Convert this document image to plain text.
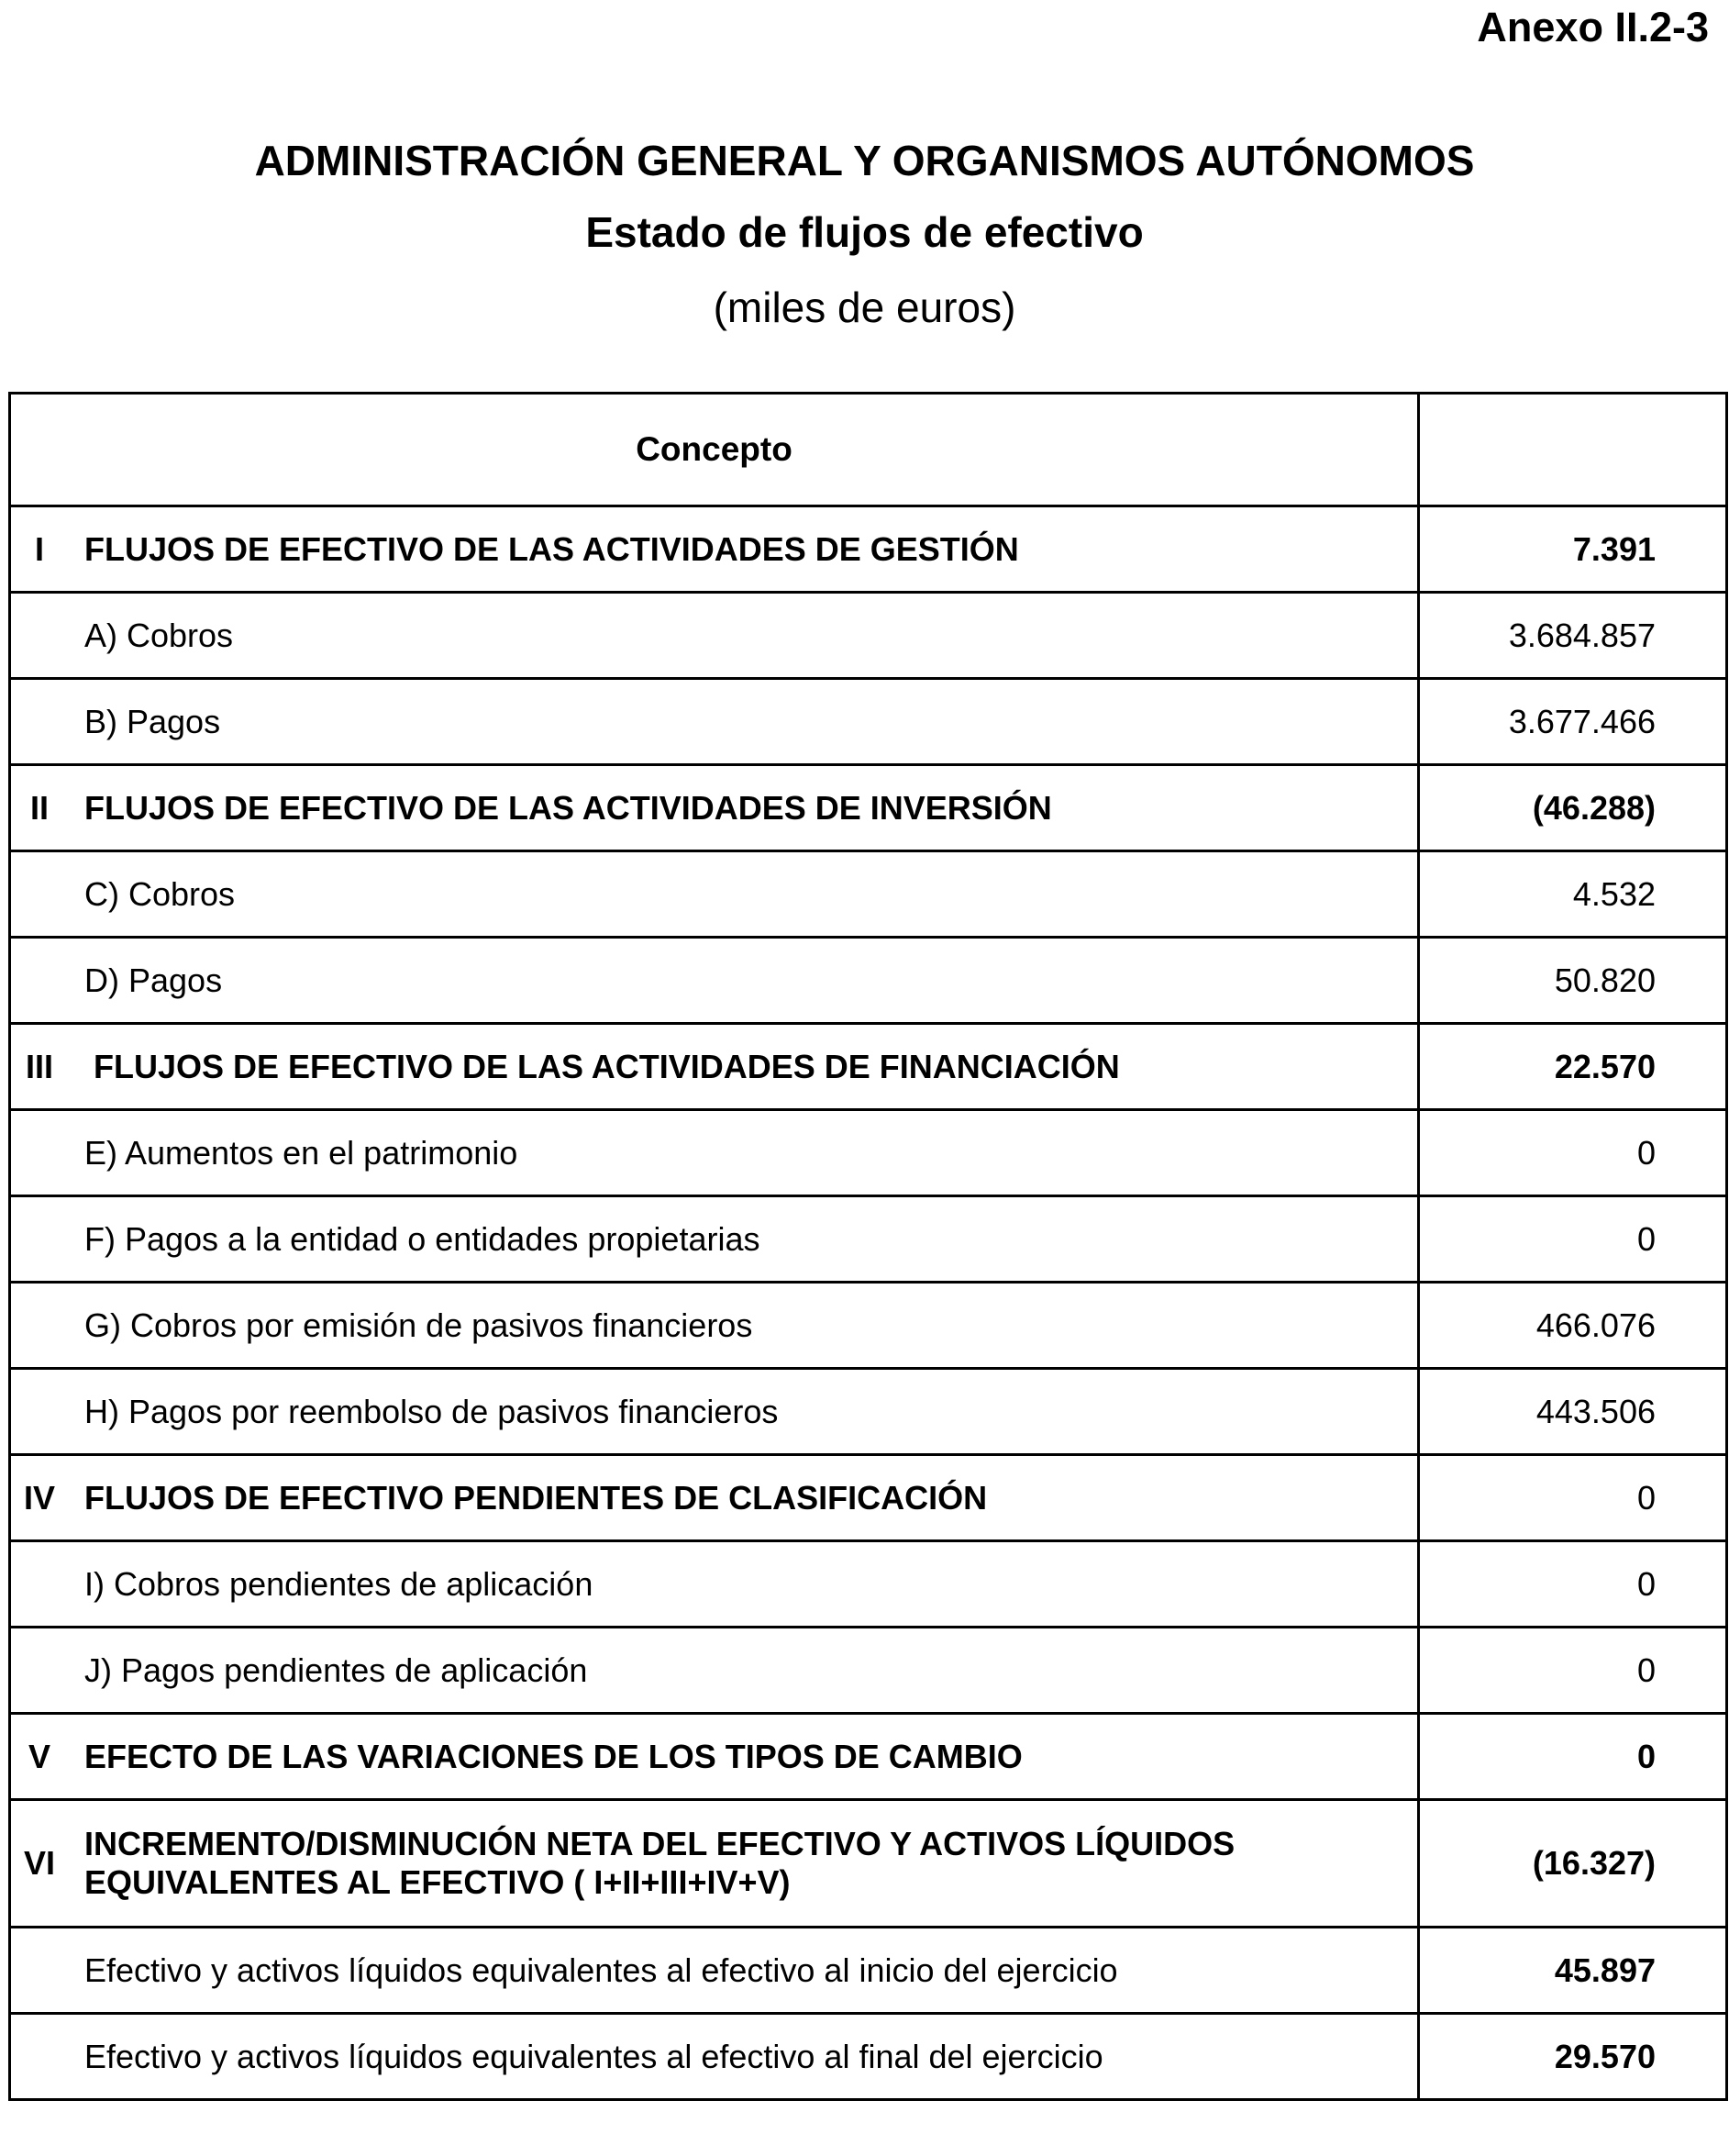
Anexo II.2-3
ADMINISTRACIÓN GENERAL Y ORGANISMOS AUTÓNOMOS
Estado de flujos de efectivo
(miles de euros)
Concepto	

I FLUJOS DE EFECTIVO DE LAS ACTIVIDADES DE GESTIÓN	7.391
A) Cobros	3.684.857
B) Pagos	3.677.466

II FLUJOS DE EFECTIVO DE LAS ACTIVIDADES DE INVERSIÓN	(46.288)
C) Cobros	4.532
D) Pagos	50.820

III FLUJOS DE EFECTIVO DE LAS ACTIVIDADES DE FINANCIACIÓN	22.570
E) Aumentos en el patrimonio	0
F) Pagos a la entidad o entidades propietarias	0
G) Cobros por emisión de pasivos financieros	466.076
H) Pagos por reembolso de pasivos financieros	443.506

IV FLUJOS DE EFECTIVO PENDIENTES DE CLASIFICACIÓN	0
I) Cobros pendientes de aplicación	0
J) Pagos pendientes de aplicación	0

V EFECTO DE LAS VARIACIONES DE LOS TIPOS DE CAMBIO	0

VI
INCREMENTO/DISMINUCIÓN NETA DEL EFECTIVO Y ACTIVOS LÍQUIDOS
EQUIVALENTES AL EFECTIVO ( I+II+III+IV+V)	(16.327)
Efectivo y activos líquidos equivalentes al efectivo al inicio del ejercicio	45.897
Efectivo y activos líquidos equivalentes al efectivo al final del ejercicio	29.570
